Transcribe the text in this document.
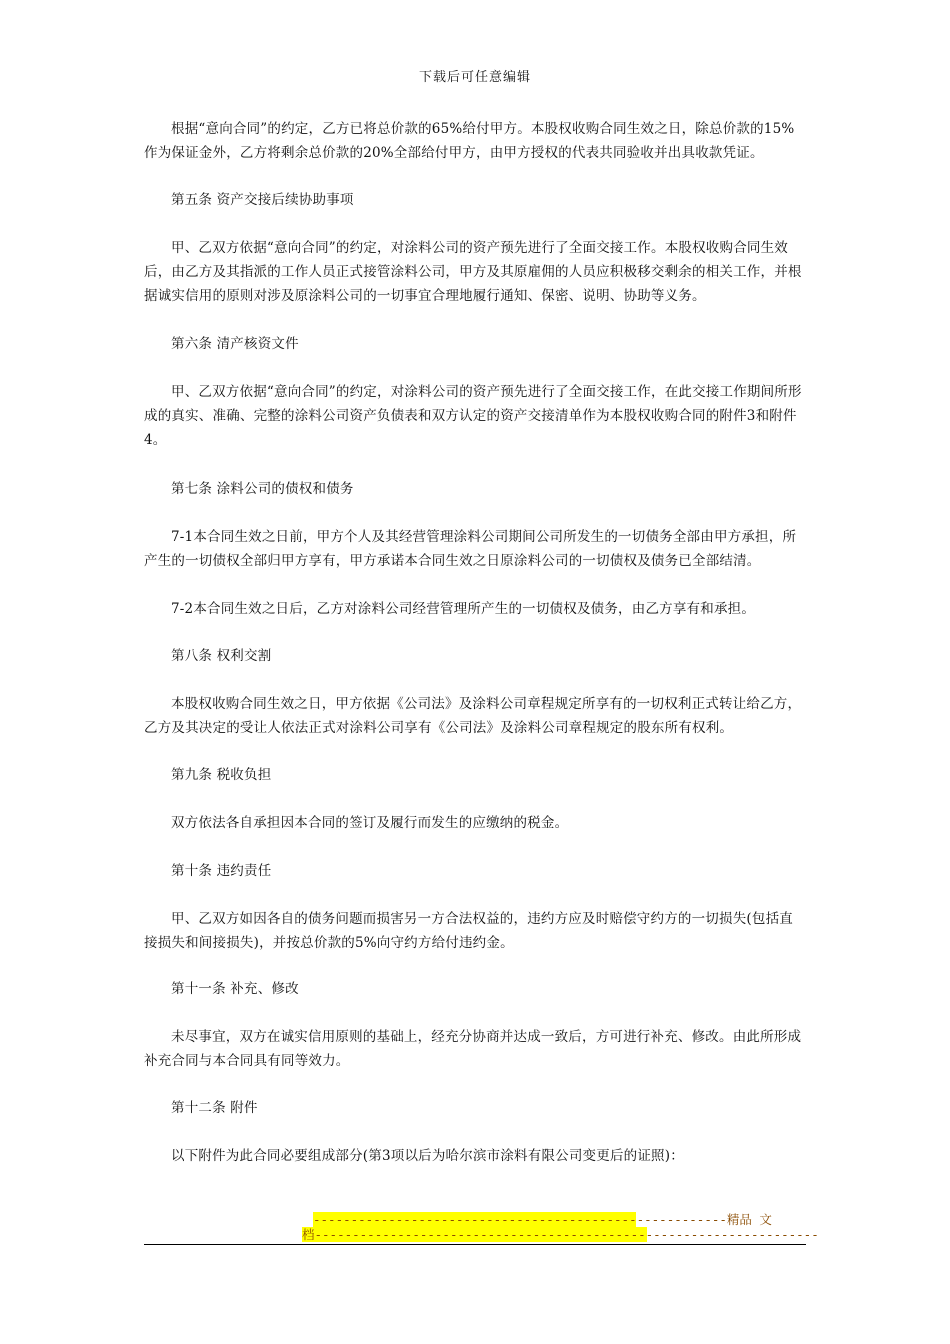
下载后可任意编辑

根据“意向合同”的约定，乙方已将总价款的65%给付甲方。本股权收购合同生效之日，除总价款的15%作为保证金外，乙方将剩余总价款的20%全部给付甲方，由甲方授权的代表共同验收并出具收款凭证。

第五条 资产交接后续协助事项

甲、乙双方依据“意向合同”的约定，对涂料公司的资产预先进行了全面交接工作。本股权收购合同生效后，由乙方及其指派的工作人员正式接管涂料公司，甲方及其原雇佣的人员应积极移交剩余的相关工作，并根据诚实信用的原则对涉及原涂料公司的一切事宜合理地履行通知、保密、说明、协助等义务。

第六条 清产核资文件

甲、乙双方依据“意向合同”的约定，对涂料公司的资产预先进行了全面交接工作，在此交接工作期间所形成的真实、准确、完整的涂料公司资产负债表和双方认定的资产交接清单作为本股权收购合同的附件3和附件4。

第七条 涂料公司的债权和债务

7-1本合同生效之日前，甲方个人及其经营管理涂料公司期间公司所发生的一切债务全部由甲方承担，所产生的一切债权全部归甲方享有，甲方承诺本合同生效之日原涂料公司的一切债权及债务已全部结清。

7-2本合同生效之日后，乙方对涂料公司经营管理所产生的一切债权及债务，由乙方享有和承担。

第八条 权利交割

本股权收购合同生效之日，甲方依据《公司法》及涂料公司章程规定所享有的一切权利正式转让给乙方，乙方及其决定的受让人依法正式对涂料公司享有《公司法》及涂料公司章程规定的股东所有权利。

第九条 税收负担

双方依法各自承担因本合同的签订及履行而发生的应缴纳的税金。

第十条 违约责任

甲、乙双方如因各自的债务问题而损害另一方合法权益的，违约方应及时赔偿守约方的一切损失(包括直接损失和间接损失)，并按总价款的5%向守约方给付违约金。

第十一条 补充、修改

未尽事宜，双方在诚实信用原则的基础上，经充分协商并达成一致后，方可进行补充、修改。由此所形成补充合同与本合同具有同等效力。

第十二条 附件

以下附件为此合同必要组成部分(第3项以后为哈尔滨市涂料有限公司变更后的证照)：

-------------------------------------------------------精品 文
档-------------------------------------------------------------------
